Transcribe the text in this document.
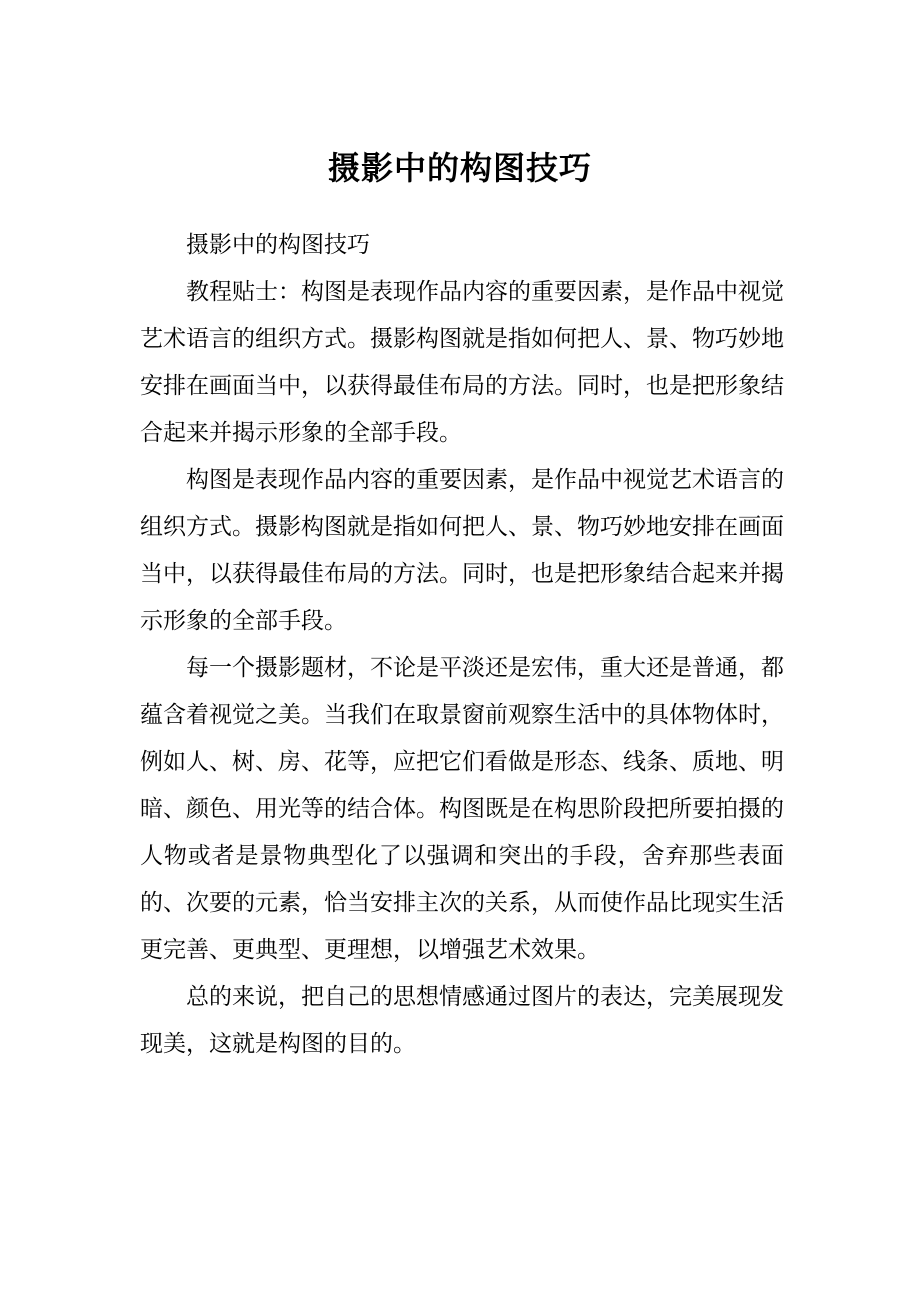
摄影中的构图技巧

摄影中的构图技巧

教程贴士：构图是表现作品内容的重要因素，是作品中视觉艺术语言的组织方式。摄影构图就是指如何把人、景、物巧妙地安排在画面当中，以获得最佳布局的方法。同时，也是把形象结合起来并揭示形象的全部手段。

构图是表现作品内容的重要因素，是作品中视觉艺术语言的组织方式。摄影构图就是指如何把人、景、物巧妙地安排在画面当中，以获得最佳布局的方法。同时，也是把形象结合起来并揭示形象的全部手段。

每一个摄影题材，不论是平淡还是宏伟，重大还是普通，都蕴含着视觉之美。当我们在取景窗前观察生活中的具体物体时，例如人、树、房、花等，应把它们看做是形态、线条、质地、明暗、颜色、用光等的结合体。构图既是在构思阶段把所要拍摄的人物或者是景物典型化了以强调和突出的手段，舍弃那些表面的、次要的元素，恰当安排主次的关系，从而使作品比现实生活更完善、更典型、更理想，以增强艺术效果。

总的来说，把自己的思想情感通过图片的表达，完美展现发现美，这就是构图的目的。
